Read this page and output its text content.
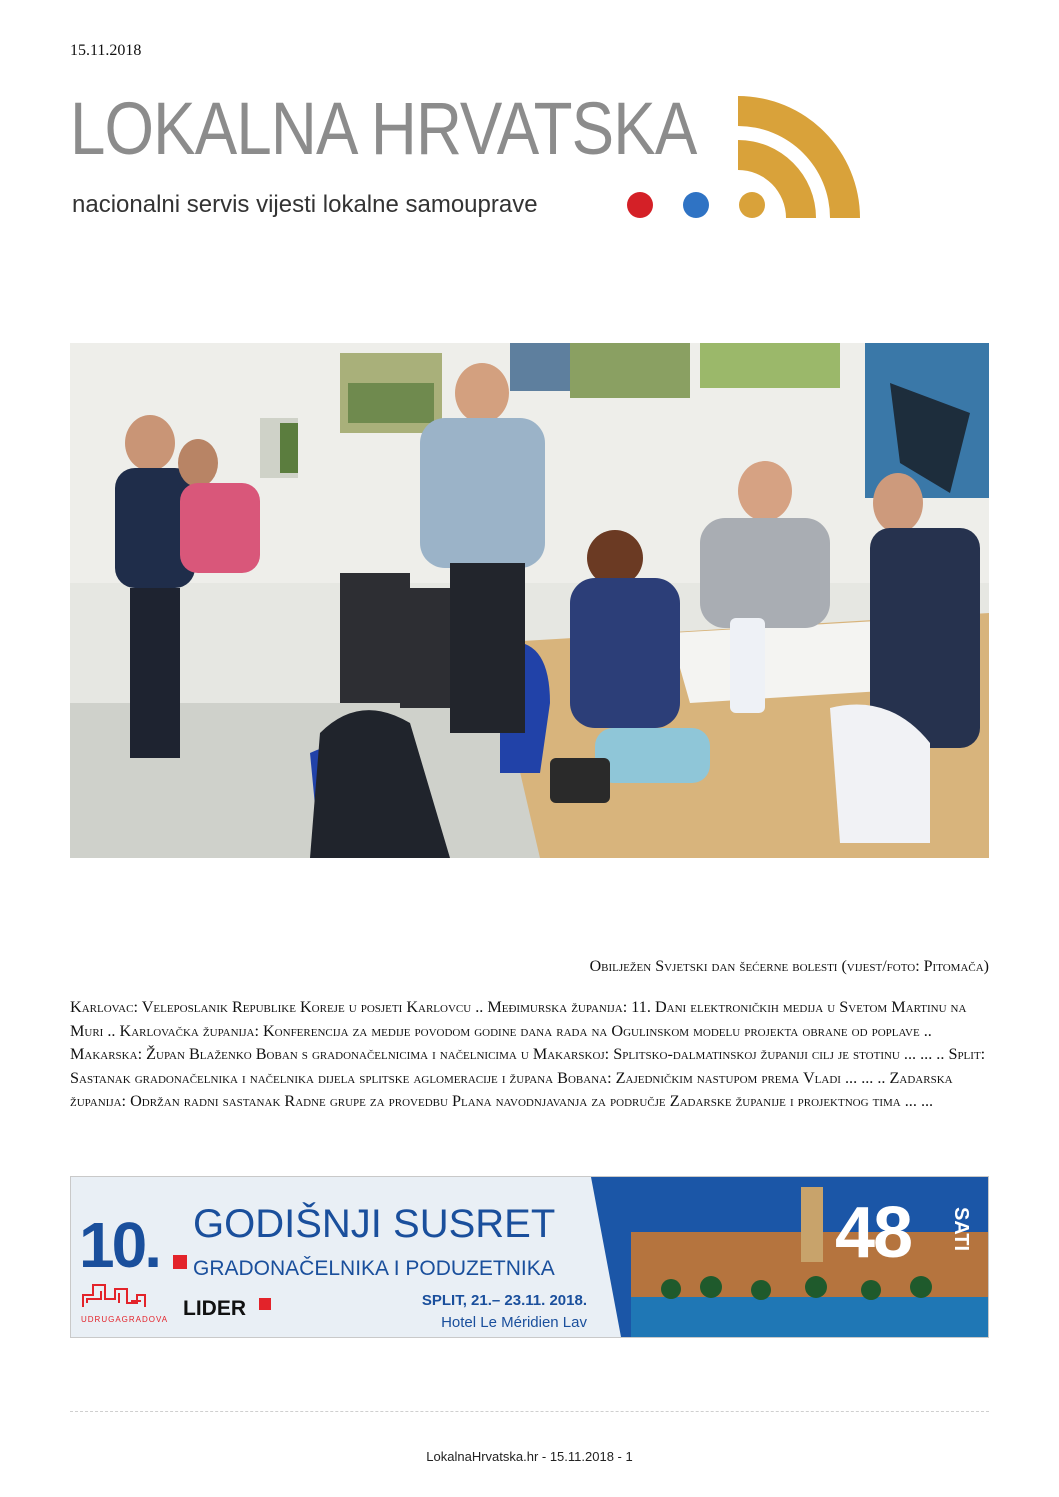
15.11.2018
LOKALNA HRVATSKA
nacionalni servis vijesti lokalne samouprave
Obilježen Svjetski dan šećerne bolesti (vijest/foto: Pitomača)
Karlovac: Veleposlanik Republike Koreje u posjeti Karlovcu .. Međimurska županija: 11. Dani elektroničkih medija u Svetom Martinu na Muri .. Karlovačka županija: Konferencija za medije povodom godine dana rada na Ogulinskom modelu projekta obrane od poplave .. Makarska: Župan Blaženko Boban s gradonačelnicima i načelnicima u Makarskoj: Splitsko-dalmatinskoj županiji cilj je stotinu ... ... .. Split: Sastanak gradonačelnika i načelnika dijela splitske aglomeracije i župana Bobana: Zajedničkim nastupom prema Vladi ... ... .. Zadarska županija: Održan radni sastanak Radne grupe za provedbu Plana navodnjavanja za područje Zadarske županije i projektnog tima ... ...
10. GODIŠNJI SUSRET
GRADONAČELNIKA I PODUZETNIKA
UDRUGAGRADOVA LIDER	SPLIT, 21.– 23.11. 2018.
Hotel Le Méridien Lav
48 SATI
LokalnaHrvatska.hr - 15.11.2018 - 1
